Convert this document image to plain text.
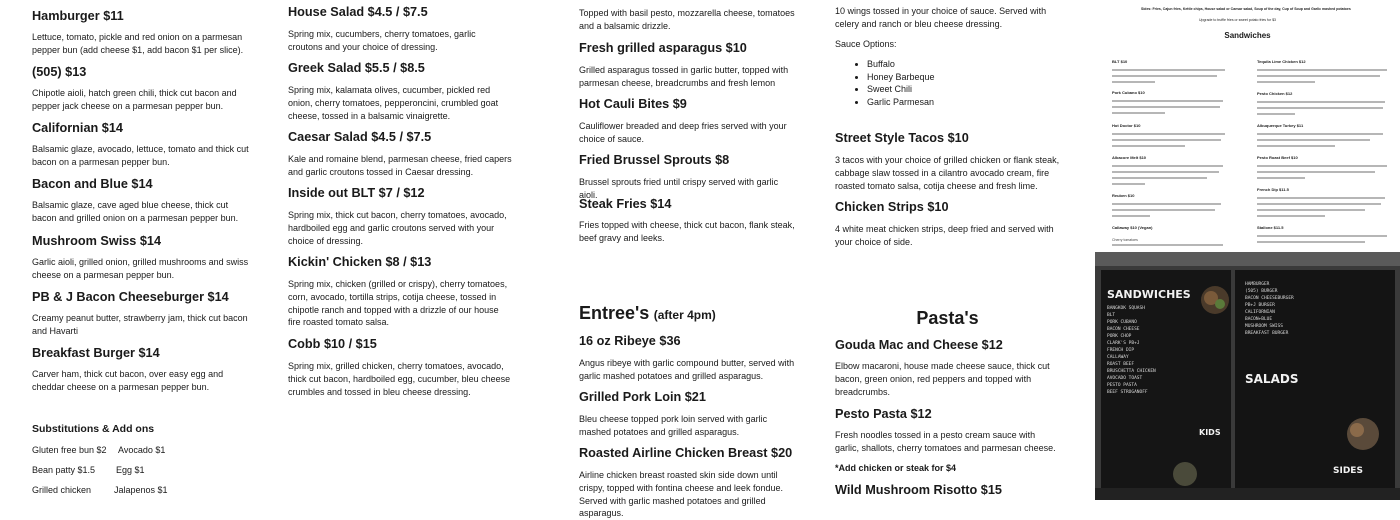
Hamburger $11
Lettuce, tomato, pickle and red onion on a parmesan pepper bun (add cheese $1, add bacon $1 per slice).
(505) $13
Chipotle aioli, hatch green chili, thick cut bacon and pepper jack cheese on a parmesan pepper bun.
Californian $14
Balsamic glaze, avocado, lettuce, tomato and thick cut bacon on a parmesan pepper bun.
Bacon and Blue $14
Balsamic glaze, cave aged blue cheese, thick cut bacon and grilled onion on a parmesan pepper bun.
Mushroom Swiss $14
Garlic aioli, grilled onion, grilled mushrooms and swiss cheese on a parmesan pepper bun.
PB & J Bacon Cheeseburger $14
Creamy peanut butter, strawberry jam, thick cut bacon and Havarti
Breakfast Burger $14
Carver ham, thick cut bacon, over easy egg and cheddar cheese on a parmesan pepper bun.
Substitutions & Add ons
Gluten free bun $2 Avocado $1
Bean patty $1.5 Egg $1
Grilled chicken	Jalapenos $1
House Salad $4.5 / $7.5
Spring mix, cucumbers, cherry tomatoes, garlic croutons and your choice of dressing.
Greek Salad $5.5 / $8.5
Spring mix, kalamata olives, cucumber, pickled red onion, cherry tomatoes, pepperoncini, crumbled goat cheese, tossed in a balsamic vinaigrette.
Caesar Salad $4.5 / $7.5
Kale and romaine blend, parmesan cheese, fried capers and garlic croutons tossed in Caesar dressing.
Inside out BLT $7 / $12
Spring mix, thick cut bacon, cherry tomatoes, avocado, hardboiled egg and garlic croutons served with your choice of dressing.
Kickin' Chicken $8 / $13
Spring mix, chicken (grilled or crispy), cherry tomatoes, corn, avocado, tortilla strips, cotija cheese, tossed in chipotle ranch and topped with a drizzle of our house fire roasted tomato salsa.
Cobb $10 / $15
Spring mix, grilled chicken, cherry tomatoes, avocado, thick cut bacon, hardboiled egg, cucumber, bleu cheese crumbles and tossed in bleu cheese dressing.
Topped with basil pesto, mozzarella cheese, tomatoes and a balsamic drizzle.
Fresh grilled asparagus $10
Grilled asparagus tossed in garlic butter, topped with parmesan cheese, breadcrumbs and fresh lemon
Hot Cauli Bites $9
Cauliflower breaded and deep fries served with your choice of sauce.
Fried Brussel Sprouts $8
Brussel sprouts fried until crispy served with garlic aioli.
Steak Fries $14
Fries topped with cheese, thick cut bacon, flank steak, beef gravy and leeks.
Entree's (after 4pm)
16 oz Ribeye $36
Angus ribeye with garlic compound butter, served with garlic mashed potatoes and grilled asparagus.
Grilled Pork Loin $21
Bleu cheese topped pork loin served with garlic mashed potatoes and grilled asparagus.
Roasted Airline Chicken Breast $20
Airline chicken breast roasted skin side down until crispy, topped with fontina cheese and leek fondue. Served with garlic mashed potatoes and grilled asparagus.
10 wings tossed in your choice of sauce. Served with celery and ranch or bleu cheese dressing.
Sauce Options:
• Buffalo
• Honey Barbeque
• Sweet Chili
• Garlic Parmesan
Street Style Tacos $10
3 tacos with your choice of grilled chicken or flank steak, cabbage slaw tossed in a cilantro avocado cream, fire roasted tomato salsa, cotija cheese and fresh lime.
Chicken Strips $10
4 white meat chicken strips, deep fried and served with your choice of side.
Pasta's
Gouda Mac and Cheese $12
Elbow macaroni, house made cheese sauce, thick cut bacon, green onion, red peppers and topped with breadcrumbs.
Pesto Pasta $12
Fresh noodles tossed in a pesto cream sauce with garlic, shallots, cherry tomatoes and parmesan cheese.
*Add chicken or steak for $4
Wild Mushroom Risotto $15
Sides: Fries, Cajun fries, Kettle chips, House salad or Caesar salad, Soup of the day, Cup of Soup and Garlic mashed potatoes
Upgrade to truffle fries or sweet potato fries for $3
Sandwiches
BLT $10
Pork Cubano $10
Hot Doctor $10
Albacore Melt $10
Reuben $10
Callaway $10 (Vegan)
Cherry tomatoes
Tequila Lime Chicken $12
Pesto Chicken $12
Albuquerque Turkey $11
Pesto Roast Beef $10
French Dip $11.5
Stallone $11.5
SANDWICHES
SALADS
KIDS
SIDES
BANGKOK SQUASH
BLT
PORK CUBANO
BACON CHEESE
PORK CHOP
CLARK'S PB+J
FRENCH DIP
CALLAWAY
ROAST BEEF
BRUSCHETTA CHICKEN
AVOCADO TOAST
PESTO PASTA
BEEF STROGANOFF
HAMBURGER
(505) BURGER
BACON CHEESEBURGER
PB+J BURGER
CALIFORNIAN
BACON+BLUE
MUSHROOM SWISS
BREAKFAST BURGER
